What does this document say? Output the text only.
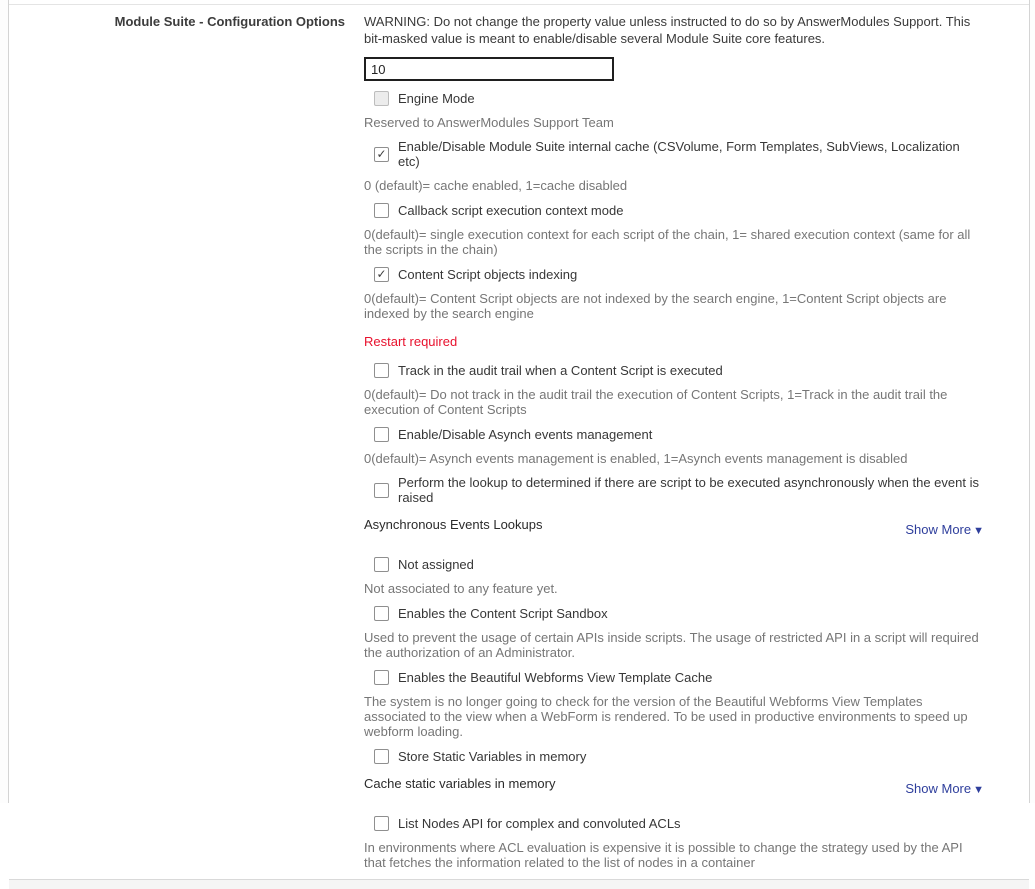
Module Suite - Configuration Options	WARNING: Do not change the property value unless instructed to do so by AnswerModules Support. This bit-masked value is meant to enable/disable several Module Suite core features.
10
Engine Mode
Reserved to AnswerModules Support Team
✓ Enable/Disable Module Suite internal cache (CSVolume, Form Templates, SubViews, Localization etc)
0 (default)= cache enabled, 1=cache disabled
Callback script execution context mode
0(default)= single execution context for each script of the chain, 1= shared execution context (same for all the scripts in the chain)
✓ Content Script objects indexing
0(default)= Content Script objects are not indexed by the search engine, 1=Content Script objects are indexed by the search engine
Restart required
Track in the audit trail when a Content Script is executed
0(default)= Do not track in the audit trail the execution of Content Scripts, 1=Track in the audit trail the execution of Content Scripts
Enable/Disable Asynch events management
0(default)= Asynch events management is enabled, 1=Asynch events management is disabled
Perform the lookup to determined if there are script to be executed asynchronously when the event is raised
Asynchronous Events Lookups	Show More ▼
Not assigned
Not associated to any feature yet.
Enables the Content Script Sandbox
Used to prevent the usage of certain APIs inside scripts. The usage of restricted API in a script will required the authorization of an Administrator.
Enables the Beautiful Webforms View Template Cache
The system is no longer going to check for the version of the Beautiful Webforms View Templates associated to the view when a WebForm is rendered. To be used in productive environments to speed up webform loading.
Store Static Variables in memory
Cache static variables in memory	Show More ▼
List Nodes API for complex and convoluted ACLs
In environments where ACL evaluation is expensive it is possible to change the strategy used by the API that fetches the information related to the list of nodes in a container
